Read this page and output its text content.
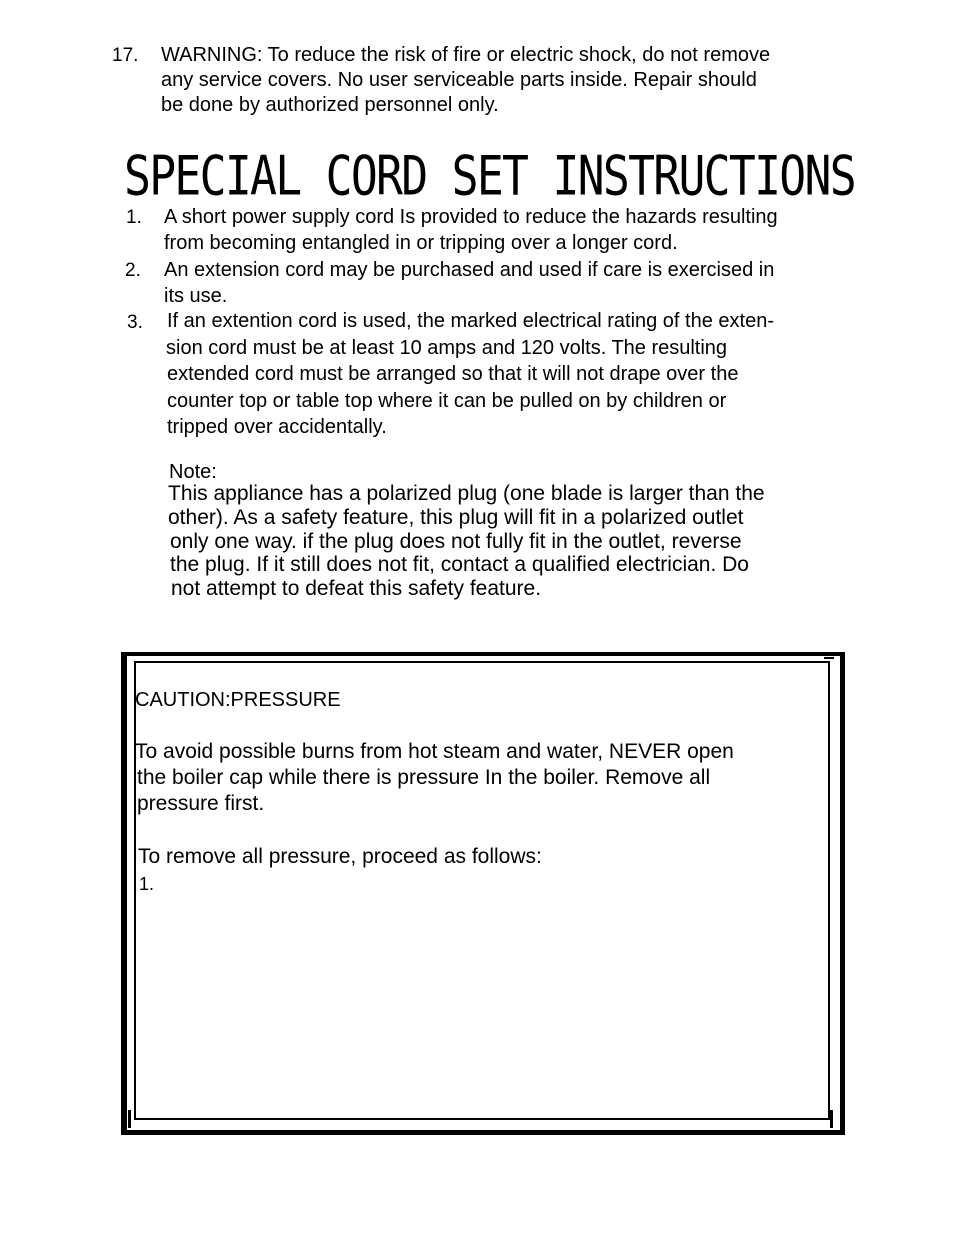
17. WARNING: To reduce the risk of fire or electric shock, do not remove
any service covers. No user serviceable parts inside. Repair should
be done by authorized personnel only.
SPECIAL CORD SET INSTRUCTIONS
1. A short power supply cord Is provided to reduce the hazards resulting
from becoming entangled in or tripping over a longer cord.
2. An extension cord may be purchased and used if care is exercised in
its use.
3. If an extention cord is used, the marked electrical rating of the exten-
sion cord must be at least 10 amps and 120 volts. The resulting
extended cord must be arranged so that it will not drape over the
counter top or table top where it can be pulled on by children or
tripped over accidentally.
Note:
This appliance has a polarized plug (one blade is larger than the
other). As a safety feature, this plug will fit in a polarized outlet
only one way. if the plug does not fully fit in the outlet, reverse
the plug. If it still does not fit, contact a qualified electrician. Do
not attempt to defeat this safety feature.
CAUTION:PRESSURE
To avoid possible burns from hot steam and water, NEVER open
the boiler cap while there is pressure In the boiler. Remove all
pressure first.
To remove all pressure, proceed as follows:
1.
